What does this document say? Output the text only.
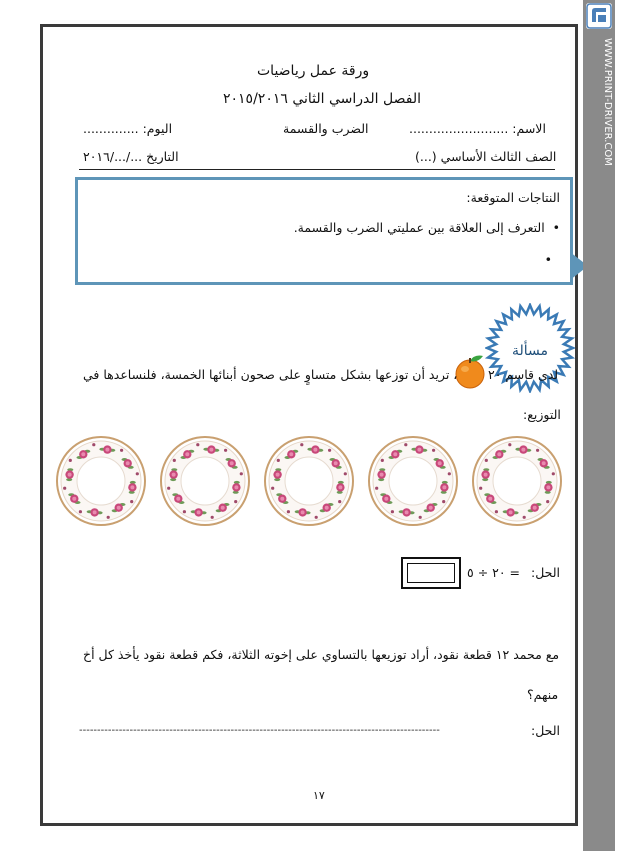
ورقة عمل رياضيات
الفصل الدراسي الثاني ٢٠١٥/٢٠١٦
الاسم: .........................
الضرب والقسمة
اليوم: ..............
الصف الثالث الأساسي (...)
التاريخ .../.../٢٠١٦
النتاجات المتوقعة:
•  التعرف إلى العلاقة بين عمليتي الضرب والقسمة.
•
مسألة
لدى قاسم ٢٠
، تريد أن توزعها بشكل متساوٍ على صحون أبنائها الخمسة، فلنساعدها في
التوزيع:
الحل:
٢٠ ÷ ٥ =
مع محمد ١٢ قطعة نقود، أراد توزيعها بالتساوي على إخوته الثلاثة، فكم قطعة نقود يأخذ كل أخ
منهم؟
الحل:
----------------------------------------------------------------------------------------------------
١٧
Created by demo-version of Universal Document Converter. Full version doesn't add this stamp.
WWW.PRINT-DRIVER.COM
